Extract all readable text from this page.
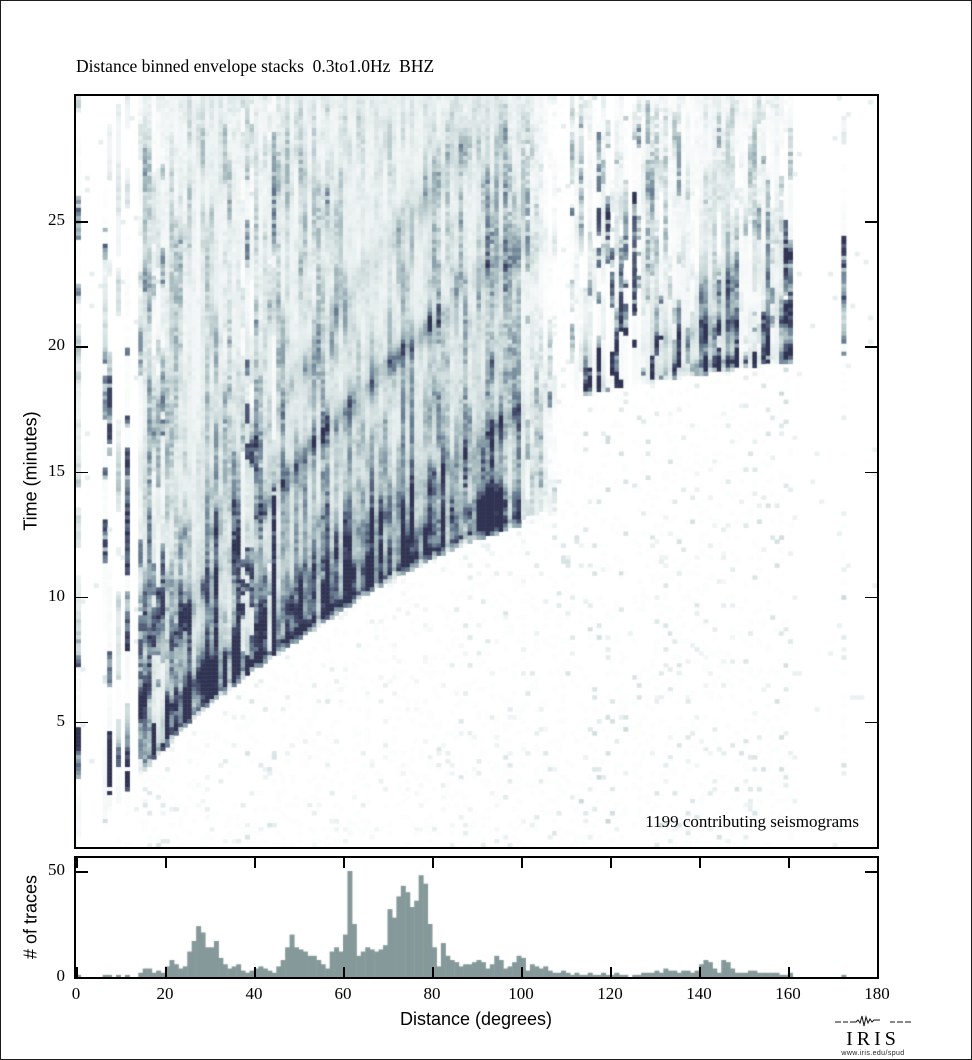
Distance binned envelope stacks  0.3to1.0Hz  BHZ

Time (minutes)
1199 contributing seismograms
# of traces
Distance (degrees)
5
10
15
20
25
0
50
0	20	40	60	80	100	120	140	160	180
IRIS
www.iris.edu/spud
